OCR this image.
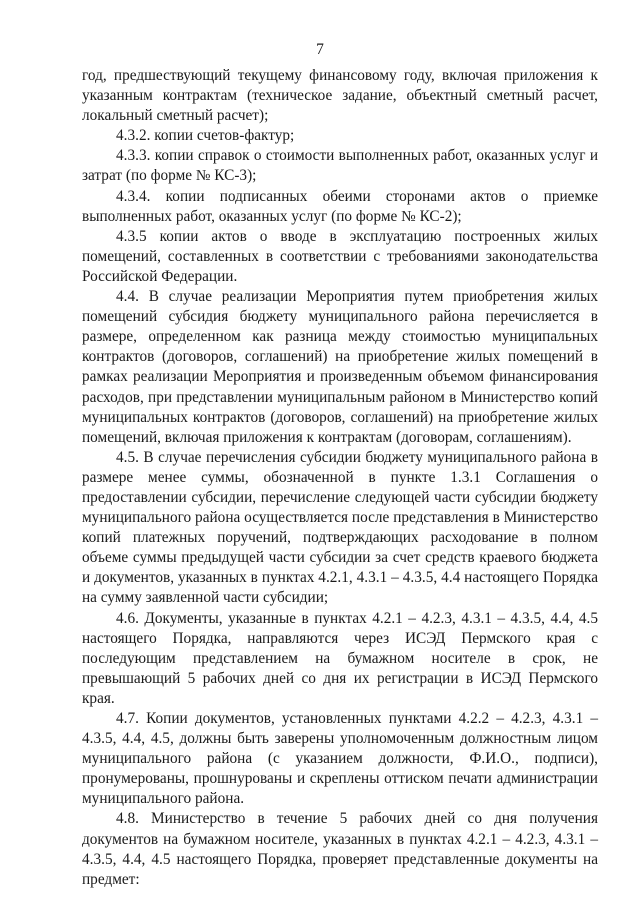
7

год, предшествующий текущему финансовому году, включая приложения к указанным контрактам (техническое задание, объектный сметный расчет, локальный сметный расчет);

4.3.2. копии счетов-фактур;

4.3.3. копии справок о стоимости выполненных работ, оказанных услуг и затрат (по форме № КС-3);

4.3.4. копии подписанных обеими сторонами актов о приемке выполненных работ, оказанных услуг (по форме № КС-2);

4.3.5 копии актов о вводе в эксплуатацию построенных жилых помещений, составленных в соответствии с требованиями законодательства Российской Федерации.

4.4. В случае реализации Мероприятия путем приобретения жилых помещений субсидия бюджету муниципального района перечисляется в размере, определенном как разница между стоимостью муниципальных контрактов (договоров, соглашений) на приобретение жилых помещений в рамках реализации Мероприятия и произведенным объемом финансирования расходов, при представлении муниципальным районом в Министерство копий муниципальных контрактов (договоров, соглашений) на приобретение жилых помещений, включая приложения к контрактам (договорам, соглашениям).

4.5. В случае перечисления субсидии бюджету муниципального района в размере менее суммы, обозначенной в пункте 1.3.1 Соглашения о предоставлении субсидии, перечисление следующей части субсидии бюджету муниципального района осуществляется после представления в Министерство копий платежных поручений, подтверждающих расходование в полном объеме суммы предыдущей части субсидии за счет средств краевого бюджета и документов, указанных в пунктах 4.2.1, 4.3.1 – 4.3.5, 4.4 настоящего Порядка на сумму заявленной части субсидии;

4.6. Документы, указанные в пунктах 4.2.1 – 4.2.3, 4.3.1 – 4.3.5, 4.4, 4.5 настоящего Порядка, направляются через ИСЭД Пермского края с последующим представлением на бумажном носителе в срок, не превышающий 5 рабочих дней со дня их регистрации в ИСЭД Пермского края.

4.7. Копии документов, установленных пунктами 4.2.2 – 4.2.3, 4.3.1 – 4.3.5, 4.4, 4.5, должны быть заверены уполномоченным должностным лицом муниципального района (с указанием должности, Ф.И.О., подписи), пронумерованы, прошнурованы и скреплены оттиском печати администрации муниципального района.

4.8. Министерство в течение 5 рабочих дней со дня получения документов на бумажном носителе, указанных в пунктах 4.2.1 – 4.2.3, 4.3.1 – 4.3.5, 4.4, 4.5 настоящего Порядка, проверяет представленные документы на предмет:
